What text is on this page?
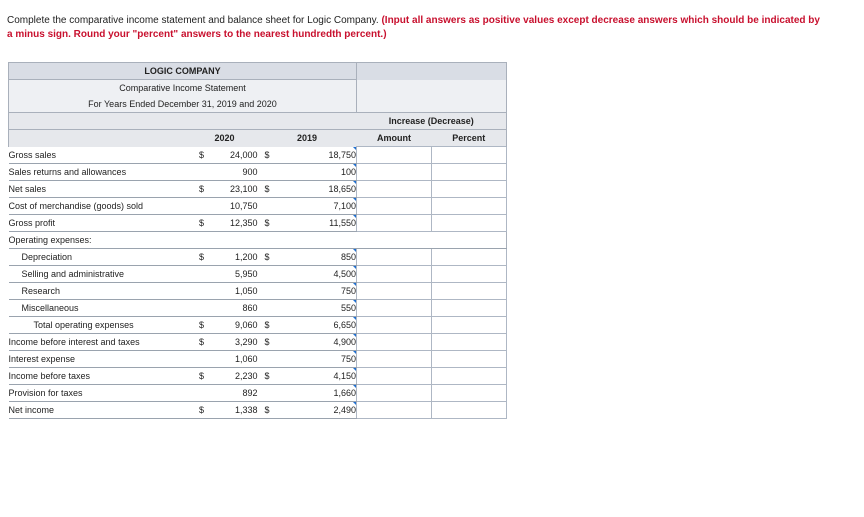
Complete the comparative income statement and balance sheet for Logic Company. (Input all answers as positive values except decrease answers which should be indicated by a minus sign. Round your "percent" answers to the nearest hundredth percent.)
LOGIC COMPANY						
Comparative Income Statement						
For Years Ended December 31, 2019 and 2020						
					Increase (Decrease)	
	2020		2019		Amount	Percent
Gross sales	$	24,000	$	18,750		
Sales returns and allowances		900		100		
Net sales	$	23,100	$	18,650		
Cost of merchandise (goods) sold		10,750		7,100		
Gross profit	$	12,350	$	11,550		
Operating expenses:						
Depreciation	$	1,200	$	850		
Selling and administrative		5,950		4,500		
Research		1,050		750		
Miscellaneous		860		550		
Total operating expenses	$	9,060	$	6,650		
Income before interest and taxes	$	3,290	$	4,900		
Interest expense		1,060		750		
Income before taxes	$	2,230	$	4,150		
Provision for taxes		892		1,660		
Net income	$	1,338	$	2,490		
